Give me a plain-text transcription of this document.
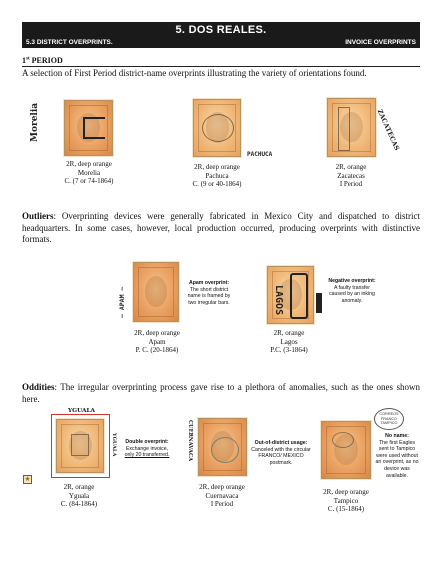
5. DOS REALES.
5.3 DISTRICT OVERPRINTS.	INVOICE OVERPRINTS
1st PERIOD
A selection of First Period district-name overprints illustrating the variety of orientations found.
Morelia
2R, deep orange
Morelia
C. (7 or 74-1864)
PACHUCA
2R, deep orange
Pachuca
C. (9 or 40-1864)
ZACATECAS
2R, orange
Zacatecas
I Period
Outliers: Overprinting devices were generally fabricated in Mexico City and dispatched to district headquarters. In some cases, however, local production occurred, producing overprints with distinctive formats.
— APAM —
Apam overprint:
The short district name is framed by two irregular bars.
2R, deep orange
Apam
P. C. (20-1864)
LAGOS
Negative overprint:
A faulty transfer caused by an inking anomaly.
2R, orange
Lagos
P.C. (3-1864)
Oddities: The irregular overprinting process gave rise to a plethora of anomalies, such as the ones shown here.
YGUALA
YGUALA
★
Double overprint:
Exchange invoice,
only 20 transferred.
2R, orange
Yguala
C. (84-1864)
CUERNAVACA	Out-of-district usage:
Canceled with the circular FRANCO/ MEXICO postmark.
2R, deep orange
Cuernavaca
I Period
CORREOS FRANCO TAMPICO
No name:
The first Eagles sent to Tampico were used without an overprint, as no device was available.
2R, deep orange
Tampico
C. (15-1864)
